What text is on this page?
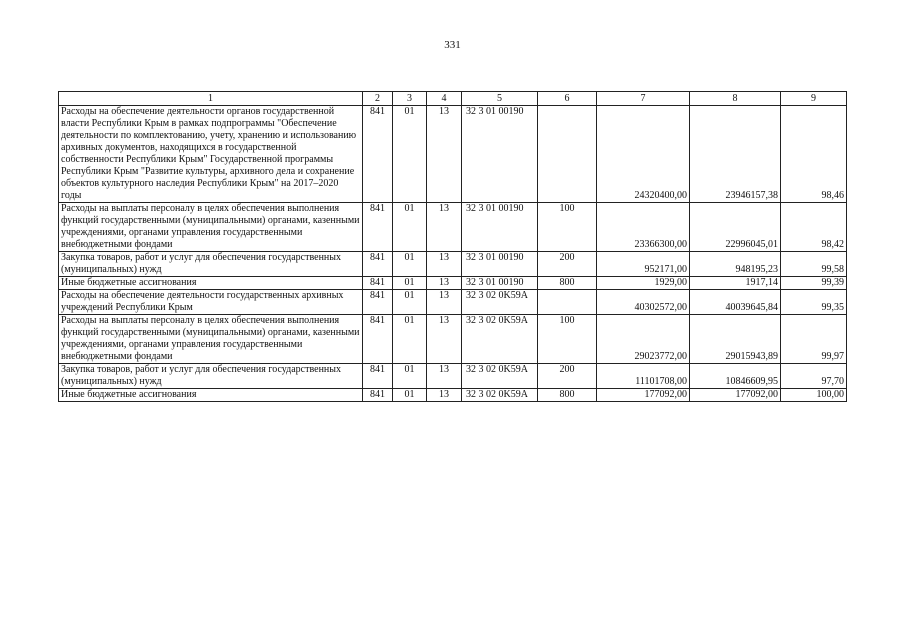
331
1	2	3	4	5	6	7	8	9
Расходы на обеспечение деятельности органов государственной власти Республики Крым в рамках подпрограммы "Обеспечение деятельности по комплектованию, учету, хранению и использованию архивных документов, находящихся в государственной собственности Республики Крым" Государственной программы Республики Крым "Развитие культуры, архивного дела и сохранение объектов культурного наследия Республики Крым" на 2017–2020 годы	841	01	13	32 3 01 00190		24320400,00	23946157,38	98,46
Расходы на выплаты персоналу в целях обеспечения выполнения функций государственными (муниципальными) органами, казенными учреждениями, органами управления государственными внебюджетными фондами	841	01	13	32 3 01 00190	100	23366300,00	22996045,01	98,42
Закупка товаров, работ и услуг для обеспечения государственных (муниципальных) нужд	841	01	13	32 3 01 00190	200	952171,00	948195,23	99,58
Иные бюджетные ассигнования	841	01	13	32 3 01 00190	800	1929,00	1917,14	99,39
Расходы на обеспечение деятельности государственных архивных учреждений Республики Крым	841	01	13	32 3 02 0K59A		40302572,00	40039645,84	99,35
Расходы на выплаты персоналу в целях обеспечения выполнения функций государственными (муниципальными) органами, казенными учреждениями, органами управления государственными внебюджетными фондами	841	01	13	32 3 02 0K59A	100	29023772,00	29015943,89	99,97
Закупка товаров, работ и услуг для обеспечения государственных (муниципальных) нужд	841	01	13	32 3 02 0K59A	200	11101708,00	10846609,95	97,70
Иные бюджетные ассигнования	841	01	13	32 3 02 0K59A	800	177092,00	177092,00	100,00
